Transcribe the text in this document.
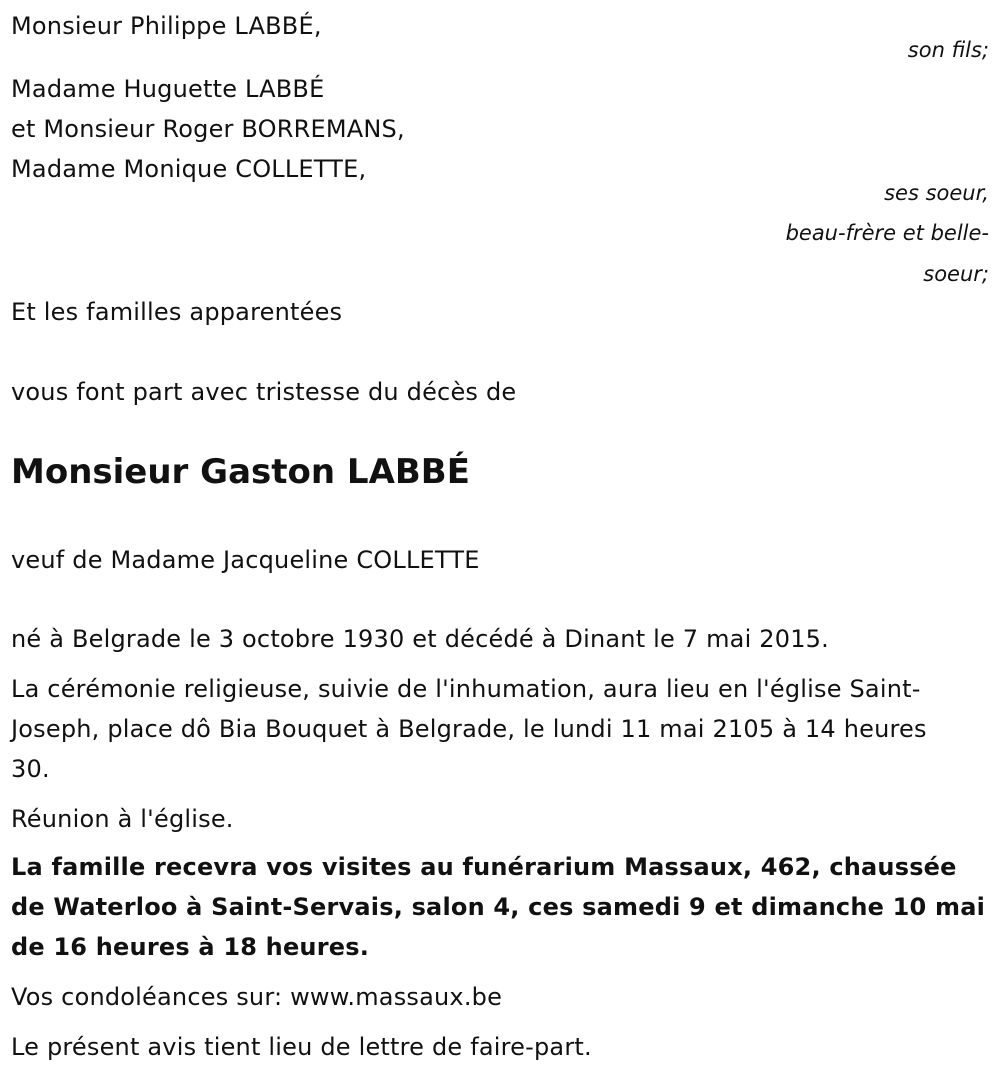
Monsieur Philippe LABBÉ,
son fils;
Madame Huguette LABBÉ
et Monsieur Roger BORREMANS,
Madame Monique COLLETTE,
ses soeur,
beau-frère et belle-
soeur;
Et les familles apparentées
vous font part avec tristesse du décès de
Monsieur Gaston LABBÉ
veuf de Madame Jacqueline COLLETTE
né à Belgrade le 3 octobre 1930 et décédé à Dinant le 7 mai 2015.
La cérémonie religieuse, suivie de l'inhumation, aura lieu en l'église Saint-
Joseph, place dô Bia Bouquet à Belgrade, le lundi 11 mai 2105 à 14 heures
30.
Réunion à l'église.
La famille recevra vos visites au funérarium Massaux, 462, chaussée
de Waterloo à Saint-Servais, salon 4, ces samedi 9 et dimanche 10 mai
de 16 heures à 18 heures.
Vos condoléances sur: www.massaux.be
Le présent avis tient lieu de lettre de faire-part.
